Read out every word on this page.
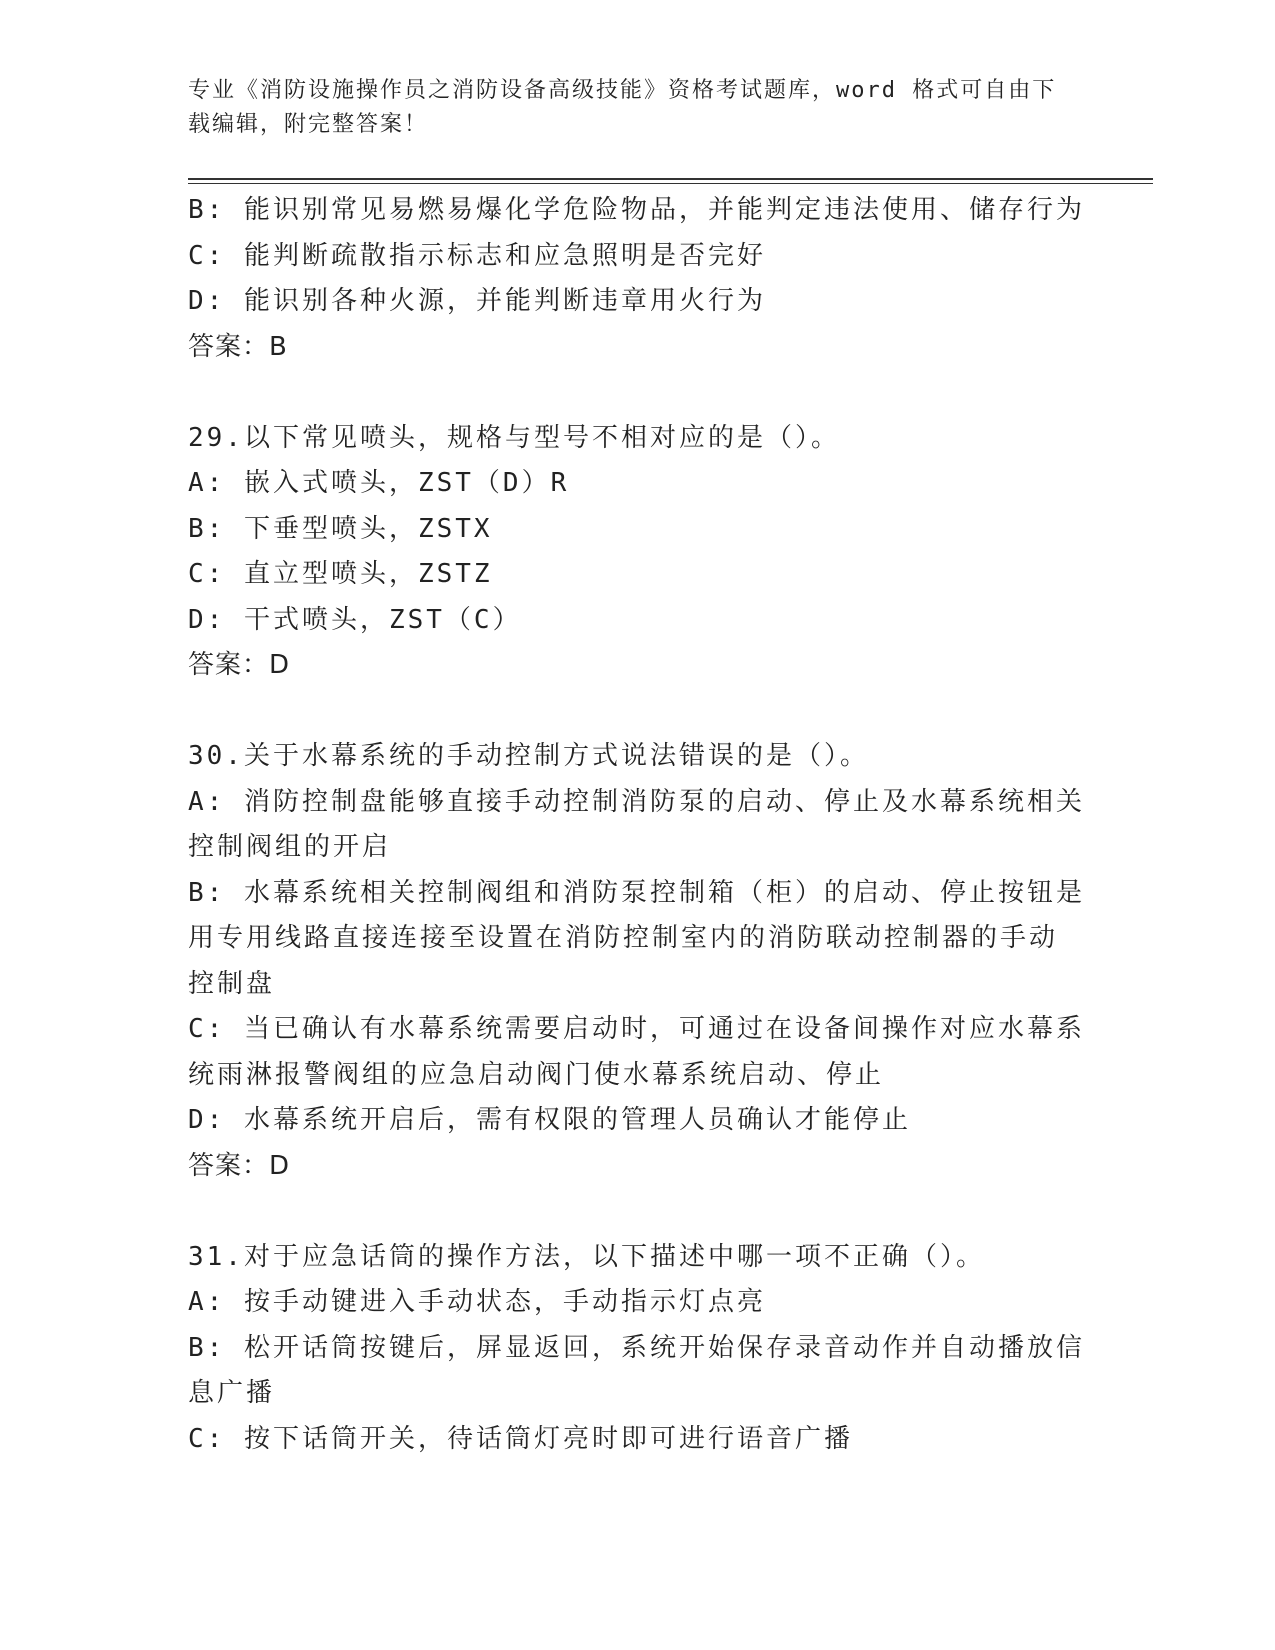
专业《消防设施操作员之消防设备高级技能》资格考试题库，word 格式可自由下
载编辑，附完整答案！
B: 能识别常见易燃易爆化学危险物品，并能判定违法使用、储存行为
C: 能判断疏散指示标志和应急照明是否完好
D: 能识别各种火源，并能判断违章用火行为
答案：B
29.以下常见喷头，规格与型号不相对应的是（）。
A: 嵌入式喷头，ZST（D）R
B: 下垂型喷头，ZSTX
C: 直立型喷头，ZSTZ
D: 干式喷头，ZST（C）
答案：D
30.关于水幕系统的手动控制方式说法错误的是（）。
A: 消防控制盘能够直接手动控制消防泵的启动、停止及水幕系统相关
控制阀组的开启
B: 水幕系统相关控制阀组和消防泵控制箱（柜）的启动、停止按钮是
用专用线路直接连接至设置在消防控制室内的消防联动控制器的手动
控制盘
C: 当已确认有水幕系统需要启动时，可通过在设备间操作对应水幕系
统雨淋报警阀组的应急启动阀门使水幕系统启动、停止
D: 水幕系统开启后，需有权限的管理人员确认才能停止
答案：D
31.对于应急话筒的操作方法，以下描述中哪一项不正确（）。
A: 按手动键进入手动状态，手动指示灯点亮
B: 松开话筒按键后，屏显返回，系统开始保存录音动作并自动播放信
息广播
C: 按下话筒开关，待话筒灯亮时即可进行语音广播
